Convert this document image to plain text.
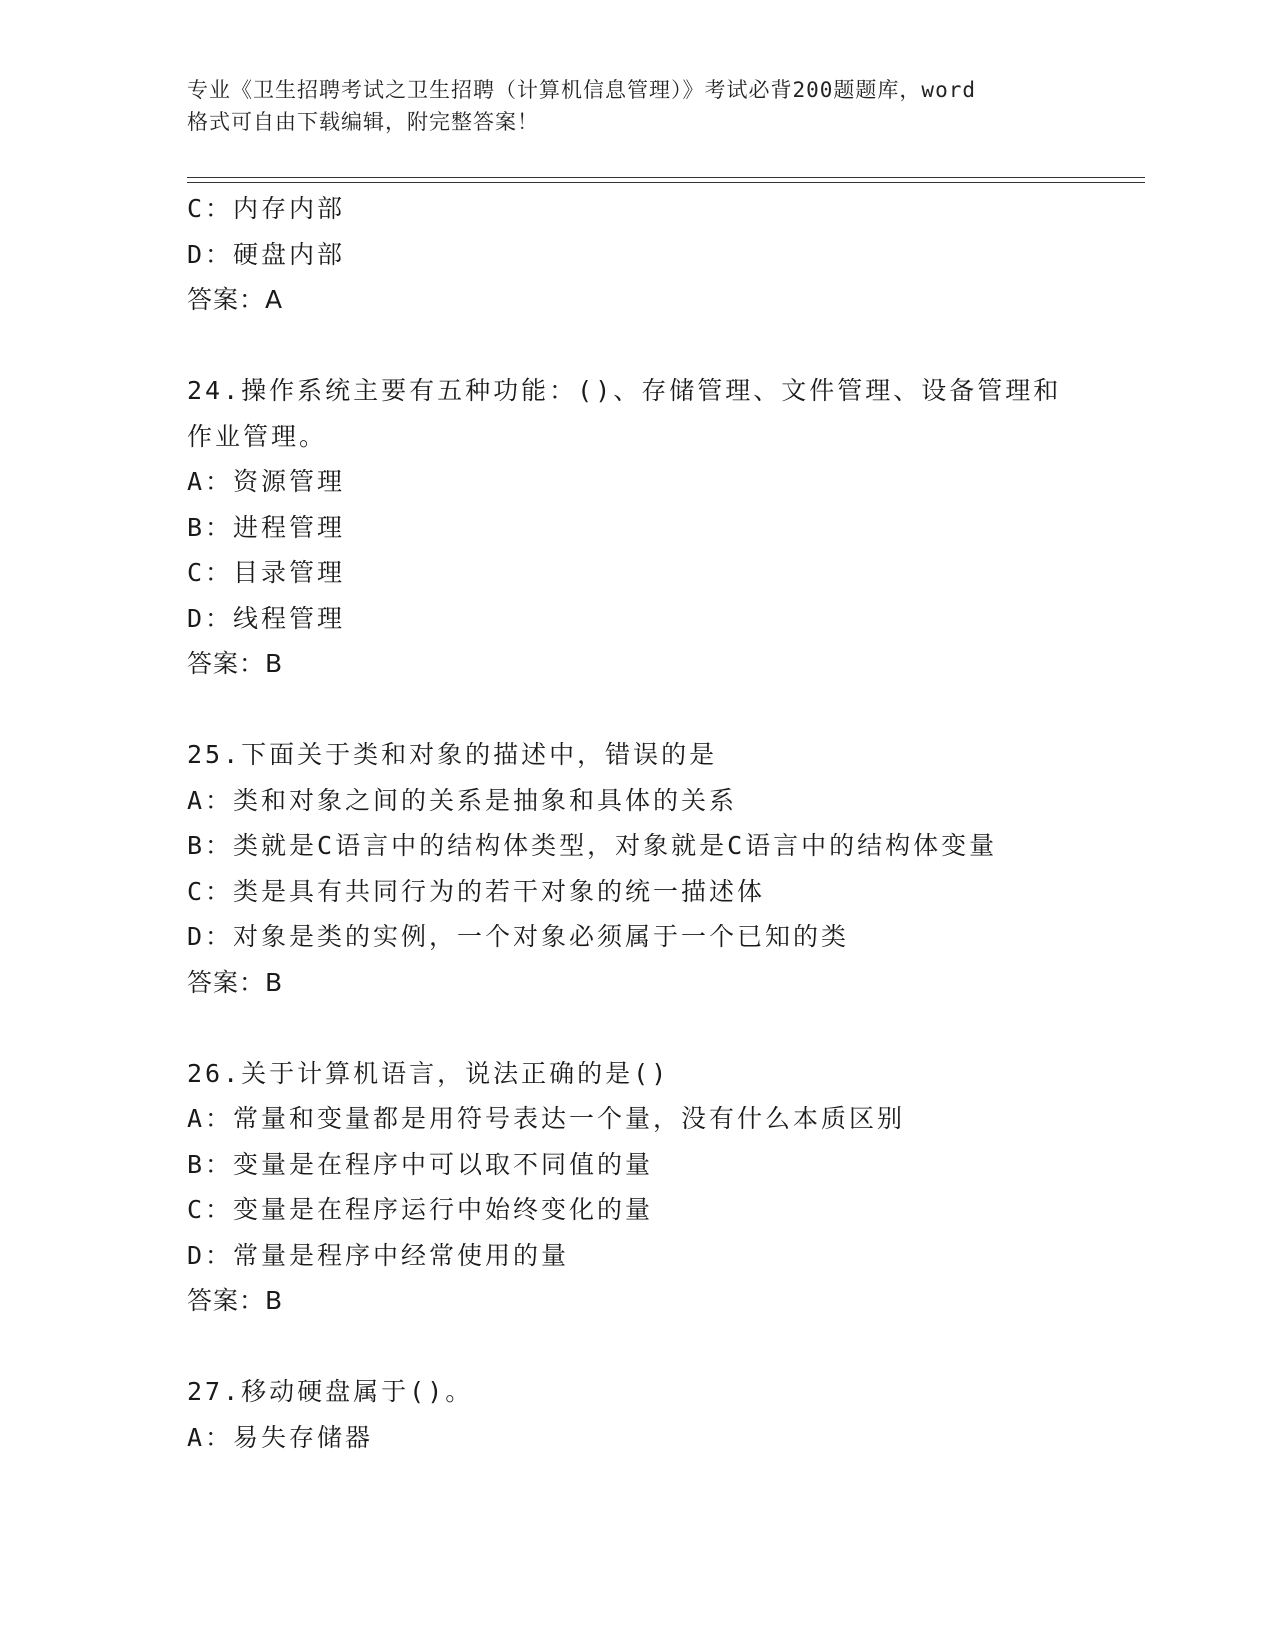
专业《卫生招聘考试之卫生招聘（计算机信息管理）》考试必背200题题库，word
格式可自由下载编辑，附完整答案！
C：内存内部
D：硬盘内部
答案：A
24.操作系统主要有五种功能：()、存储管理、文件管理、设备管理和
作业管理。
A：资源管理
B：进程管理
C：目录管理
D：线程管理
答案：B
25.下面关于类和对象的描述中，错误的是
A：类和对象之间的关系是抽象和具体的关系
B：类就是C语言中的结构体类型，对象就是C语言中的结构体变量
C：类是具有共同行为的若干对象的统一描述体
D：对象是类的实例，一个对象必须属于一个已知的类
答案：B
26.关于计算机语言，说法正确的是()
A：常量和变量都是用符号表达一个量，没有什么本质区别
B：变量是在程序中可以取不同值的量
C：变量是在程序运行中始终变化的量
D：常量是程序中经常使用的量
答案：B
27.移动硬盘属于()。
A：易失存储器
